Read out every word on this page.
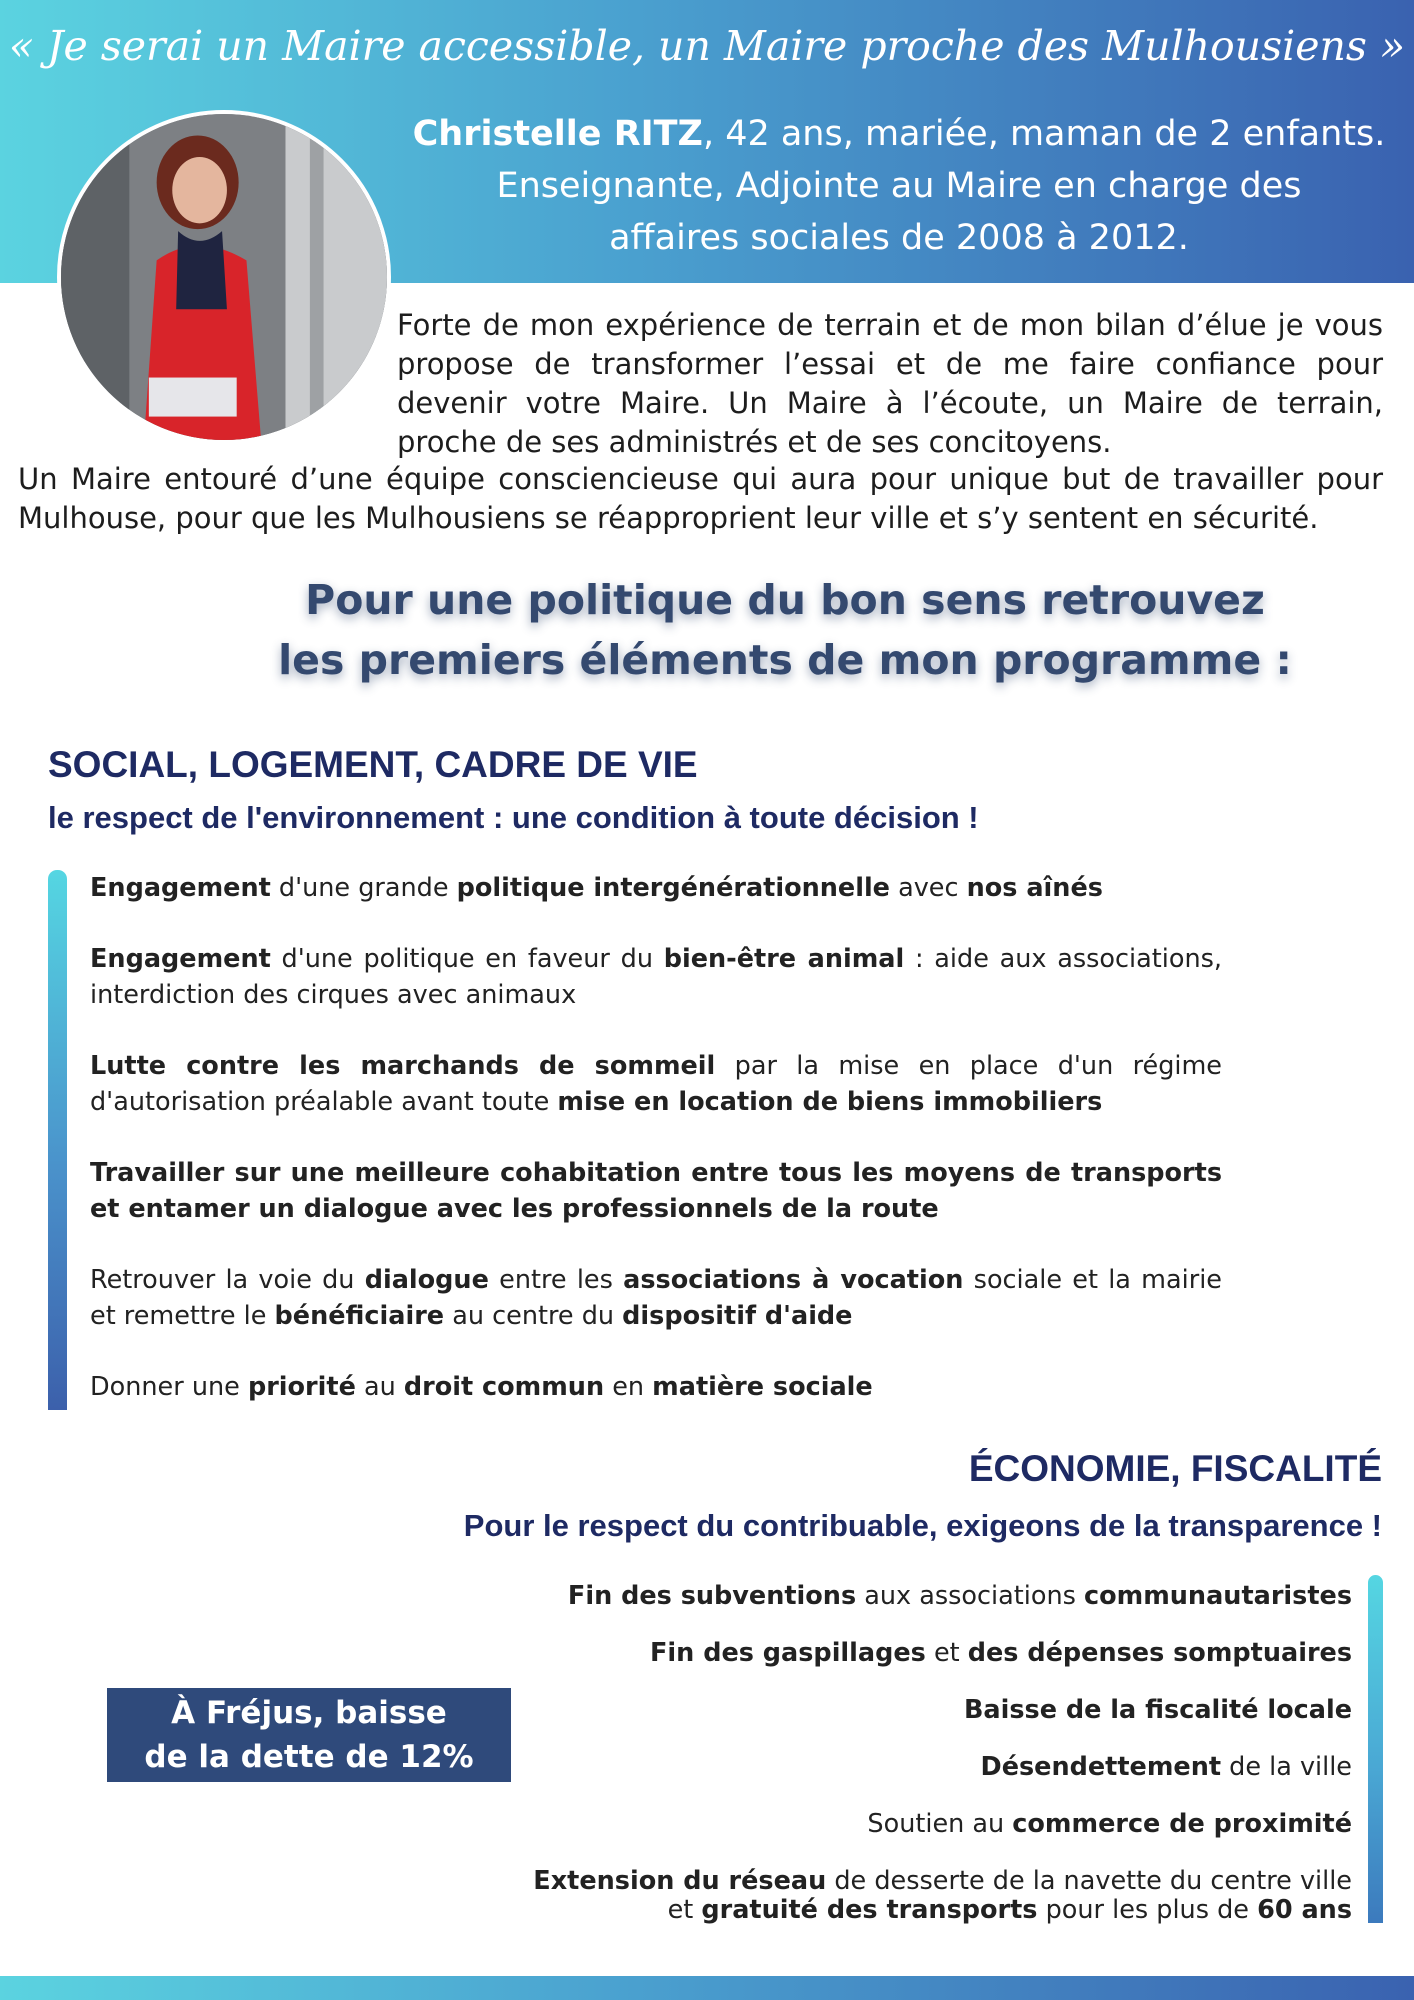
« Je serai un Maire accessible, un Maire proche des Mulhousiens »
Christelle RITZ, 42 ans, mariée, maman de 2 enfants.
Enseignante, Adjointe au Maire en charge des
affaires sociales de 2008 à 2012.

Forte de mon expérience de terrain et de mon bilan d’élue je vous propose de transformer l’essai et de me faire confiance pour devenir votre Maire. Un Maire à l’écoute, un Maire de terrain, proche de ses administrés et de ses concitoyens.

Un Maire entouré d’une équipe consciencieuse qui aura pour unique but de travailler pour Mulhouse, pour que les Mulhousiens se réapproprient leur ville et s’y sentent en sécurité.

Pour une politique du bon sens retrouvez
les premiers éléments de mon programme :
SOCIAL, LOGEMENT, CADRE DE VIE
le respect de l'environnement : une condition à toute décision !

Engagement d'une grande politique intergénérationnelle avec nos aînés

Engagement d'une politique en faveur du bien-être animal : aide aux associations, interdiction des cirques avec animaux

Lutte contre les marchands de sommeil par la mise en place d'un régime d'autorisation préalable avant toute mise en location de biens immobiliers

Travailler sur une meilleure cohabitation entre tous les moyens de transports et entamer un dialogue avec les professionnels de la route

Retrouver la voie du dialogue entre les associations à vocation sociale et la mairie et remettre le bénéficiaire au centre du dispositif d'aide

Donner une priorité au droit commun en matière sociale

ÉCONOMIE, FISCALITÉ
Pour le respect du contribuable, exigeons de la transparence !

Fin des subventions aux associations communautaristes

Fin des gaspillages et des dépenses somptuaires

Baisse de la fiscalité locale

Désendettement de la ville

Soutien au commerce de proximité

Extension du réseau de desserte de la navette du centre ville
et gratuité des transports pour les plus de 60 ans

À Fréjus, baisse
de la dette de 12%
